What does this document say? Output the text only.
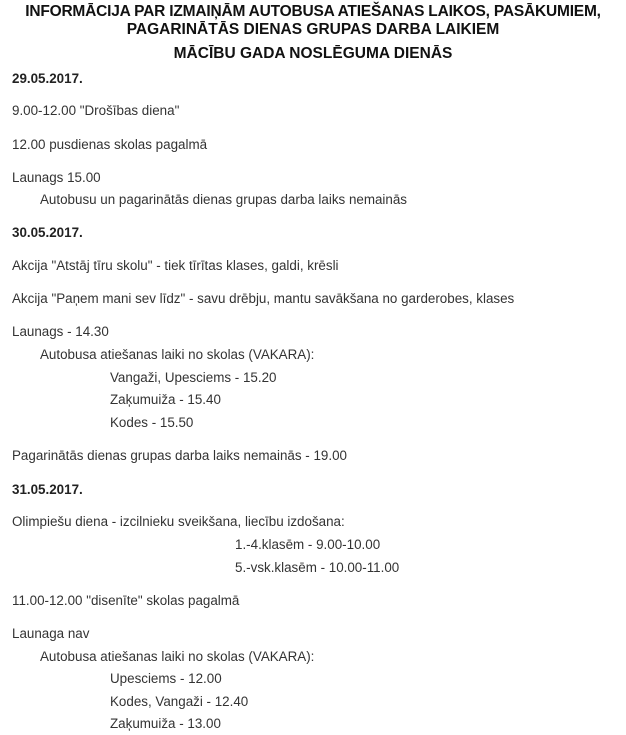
INFORMĀCIJA PAR IZMAIŅĀM AUTOBUSA ATIEŠANAS LAIKOS, PASĀKUMIEM,
PAGARINĀTĀS DIENAS GRUPAS DARBA LAIKIEM
MĀCĪBU GADA NOSLĒGUMA DIENĀS
29.05.2017.
9.00-12.00 "Drošības diena"
12.00 pusdienas skolas pagalmā
Launags 15.00
Autobusu un pagarinātās dienas grupas darba laiks nemainās
30.05.2017.
Akcija "Atstāj tīru skolu" - tiek tīrītas klases, galdi, krēsli
Akcija "Paņem mani sev līdz" - savu drēbju, mantu savākšana no garderobes, klases
Launags - 14.30
Autobusa atiešanas laiki no skolas (VAKARA):
Vangaži, Upesciems - 15.20
Zaķumuiža - 15.40
Kodes - 15.50
Pagarinātās dienas grupas darba laiks nemainās - 19.00
31.05.2017.
Olimpiešu diena - izcilnieku sveikšana, liecību izdošana:
1.-4.klasēm - 9.00-10.00
5.-vsk.klasēm - 10.00-11.00
11.00-12.00 "disenīte" skolas pagalmā
Launaga nav
Autobusa atiešanas laiki no skolas (VAKARA):
Upesciems - 12.00
Kodes, Vangaži - 12.40
Zaķumuiža - 13.00
